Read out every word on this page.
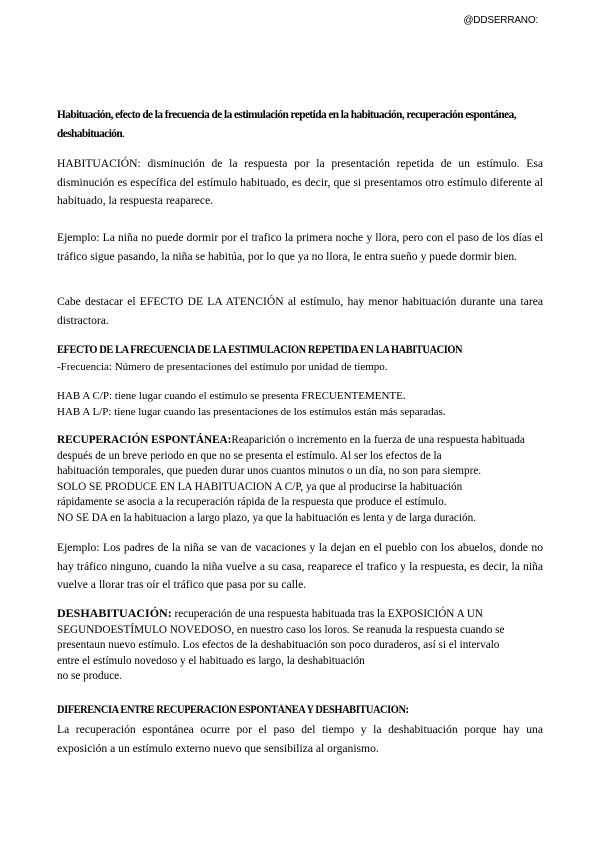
@DDSERRANO:
Habituación, efecto de la frecuencia de la estimulación repetida en la habituación, recuperación espontánea,
deshabituación.

HABITUACIÓN: disminución de la respuesta por la presentación repetida de un estímulo. Esa disminución es específica del estímulo habituado, es decir, que si presentamos otro estímulo diferente al habituado, la respuesta reaparece.

Ejemplo: La niña no puede dormir por el trafico la primera noche y llora, pero con el paso de los días el tráfico sigue pasando, la niña se habitúa, por lo que ya no llora, le entra sueño y puede dormir bien.

Cabe destacar el EFECTO DE LA ATENCIÓN al estímulo, hay menor habituación durante una tarea distractora.

EFECTO DE LA FRECUENCIA DE LA ESTIMULACIÓN REPETIDA EN LA HABITUACIÓN
-Frecuencia: Número de presentaciones del estímulo por unidad de tiempo.
HAB A C/P: tiene lugar cuando el estímulo se presenta FRECUENTEMENTE.
HAB A L/P: tiene lugar cuando las presentaciones de los estímulos están más separadas.
RECUPERACIÓN ESPONTÁNEA:Reaparición o incremento en la fuerza de una respuesta habituada
después de un breve periodo en que no se presenta el estímulo. Al ser los efectos de la
habituación temporales, que pueden durar unos cuantos minutos o un día, no son para siempre.
SOLO SE PRODUCE EN LA HABITUACION A C/P, ya que al producirse la habituación
rápidamente se asocia a la recuperación rápida de la respuesta que produce el estímulo.
NO SE DA en la habituacion a largo plazo, ya que la habituación es lenta y de larga duración.

Ejemplo: Los padres de la niña se van de vacaciones y la dejan en el pueblo con los abuelos, donde no hay tráfico ninguno, cuando la niña vuelve a su casa, reaparece el trafico y la respuesta, es decir, la niña vuelve a llorar tras oír el tráfico que pasa por su calle.

DESHABITUACIÓN: recuperación de una respuesta habituada tras la EXPOSICIÓN A UN
SEGUNDOESTÍMULO NOVEDOSO, en nuestro caso los loros. Se reanuda la respuesta cuando se
presentaun nuevo estímulo. Los efectos de la deshabituación son poco duraderos, así si el intervalo
entre el estímulo novedoso y el habituado es largo, la deshabituación
no se produce.
DIFERENCIA ENTRE RECUPERACIÓN ESPONTÁNEA Y DESHABITUACIÓN:

La recuperación espontánea ocurre por el paso del tiempo y la deshabituación porque hay una exposición a un estímulo externo nuevo que sensibiliza al organismo.
